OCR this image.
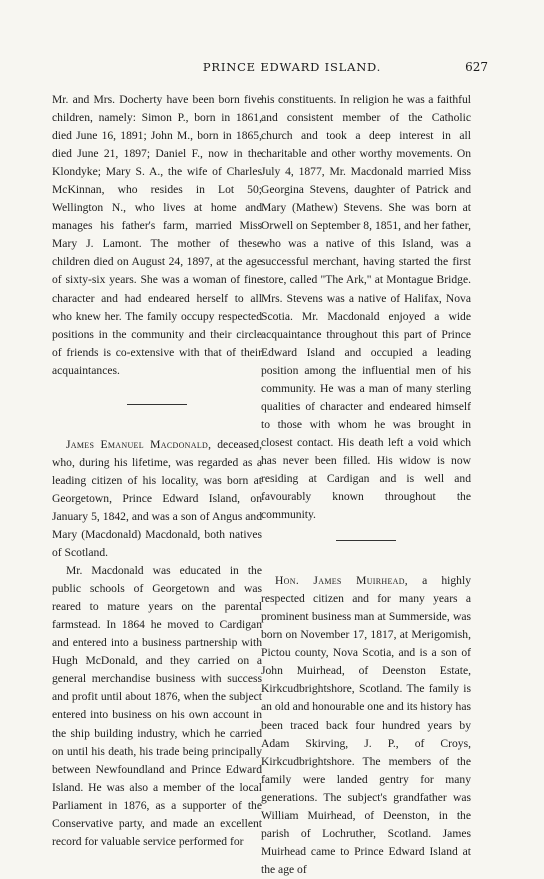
PRINCE EDWARD ISLAND.	627

Mr. and Mrs. Docherty have been born five children, namely: Simon P., born in 1861, died June 16, 1891; John M., born in 1865, died June 21, 1897; Daniel F., now in the Klondyke; Mary S. A., the wife of Charles McKinnan, who resides in Lot 50; Wellington N., who lives at home and manages his father's farm, married Miss Mary J. Lamont. The mother of these children died on August 24, 1897, at the age of sixty-six years. She was a woman of fine character and had endeared herself to all who knew her. The family occupy respected positions in the community and their circle of friends is co-extensive with that of their acquaintances.

James Emanuel Macdonald, deceased, who, during his lifetime, was regarded as a leading citizen of his locality, was born at Georgetown, Prince Edward Island, on January 5, 1842, and was a son of Angus and Mary (Macdonald) Macdonald, both natives of Scotland.

Mr. Macdonald was educated in the public schools of Georgetown and was reared to mature years on the parental farmstead. In 1864 he moved to Cardigan and entered into a business partnership with Hugh McDonald, and they carried on a general merchandise business with success and profit until about 1876, when the subject entered into business on his own account in the ship building industry, which he carried on until his death, his trade being principally between Newfoundland and Prince Edward Island. He was also a member of the local Parliament in 1876, as a supporter of the Conservative party, and made an excellent record for valuable service performed for

his constituents. In religion he was a faithful and consistent member of the Catholic church and took a deep interest in all charitable and other worthy movements. On July 4, 1877, Mr. Macdonald married Miss Georgina Stevens, daughter of Patrick and Mary (Mathew) Stevens. She was born at Orwell on September 8, 1851, and her father, who was a native of this Island, was a successful merchant, having started the first store, called "The Ark," at Montague Bridge. Mrs. Stevens was a native of Halifax, Nova Scotia. Mr. Macdonald enjoyed a wide acquaintance throughout this part of Prince Edward Island and occupied a leading position among the influential men of his community. He was a man of many sterling qualities of character and endeared himself to those with whom he was brought in closest contact. His death left a void which has never been filled. His widow is now residing at Cardigan and is well and favourably known throughout the community.

Hon. James Muirhead, a highly respected citizen and for many years a prominent business man at Summerside, was born on November 17, 1817, at Merigomish, Pictou county, Nova Scotia, and is a son of John Muirhead, of Deenston Estate, Kirkcudbrightshore, Scotland. The family is an old and honourable one and its history has been traced back four hundred years by Adam Skirving, J. P., of Croys, Kirkcudbrightshore. The members of the family were landed gentry for many generations. The subject's grandfather was William Muirhead, of Deenston, in the parish of Lochruther, Scotland. James Muirhead came to Prince Edward Island at the age of
